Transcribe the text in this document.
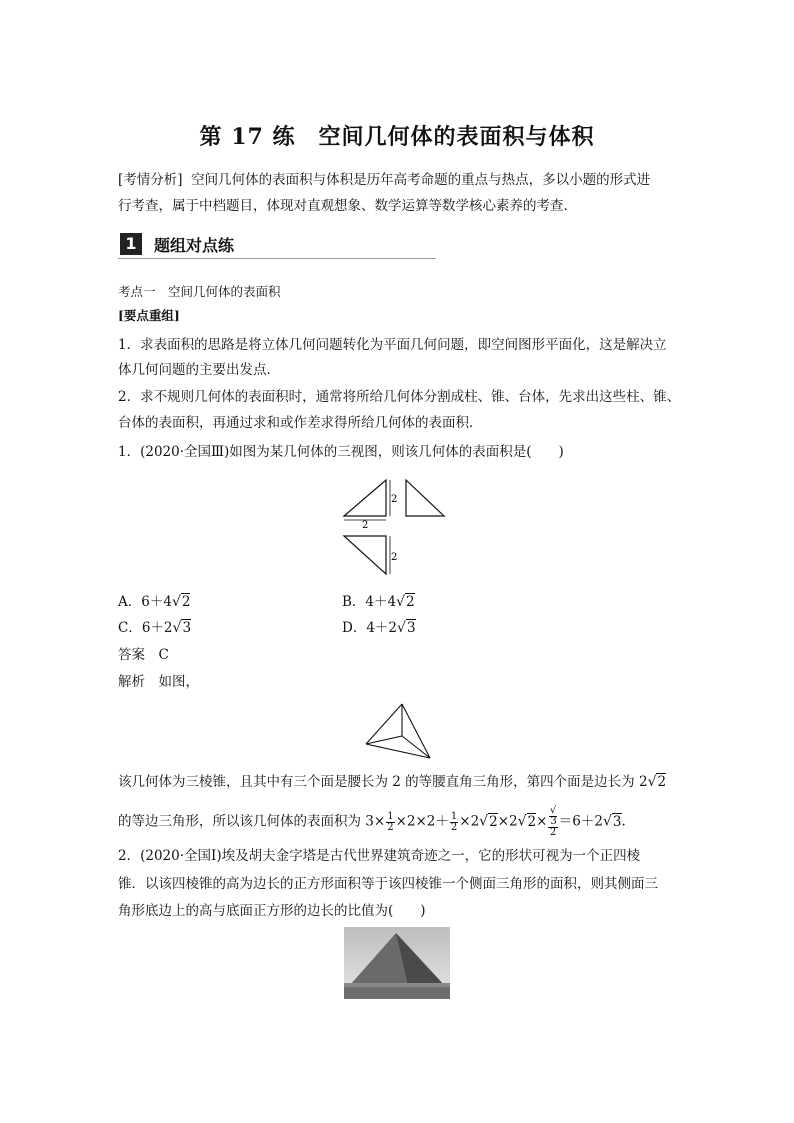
第 17 练　空间几何体的表面积与体积
[考情分析] 空间几何体的表面积与体积是历年高考命题的重点与热点，多以小题的形式进
行考查，属于中档题目，体现对直观想象、数学运算等数学核心素养的考查．
1	题组对点练
考点一　空间几何体的表面积
[要点重组]
1．求表面积的思路是将立体几何问题转化为平面几何问题，即空间图形平面化，这是解决立
体几何问题的主要出发点．
2．求不规则几何体的表面积时，通常将所给几何体分割成柱、锥、台体，先求出这些柱、锥、
台体的表面积，再通过求和或作差求得所给几何体的表面积．
1．(2020·全国Ⅲ)如图为某几何体的三视图，则该几何体的表面积是(　　)
2
2
2
A．6＋4√2	B．4＋4√2
C．6＋2√3	D．4＋2√3
答案　C
解析　如图，
该几何体为三棱锥，且其中有三个面是腰长为 2 的等腰直角三角形，第四个面是边长为 2√2
的等边三角形，所以该几何体的表面积为 $3\times \frac{1}{2} \times 2\times 2+ \frac{1}{2} \times 2√2\times 2√2\times$ √
3
2 ＝6＋2√3.
2．(2020·全国Ⅰ)埃及胡夫金字塔是古代世界建筑奇迹之一，它的形状可视为一个正四棱
锥．以该四棱锥的高为边长的正方形面积等于该四棱锥一个侧面三角形的面积，则其侧面三
角形底边上的高与底面正方形的边长的比值为(　　)
